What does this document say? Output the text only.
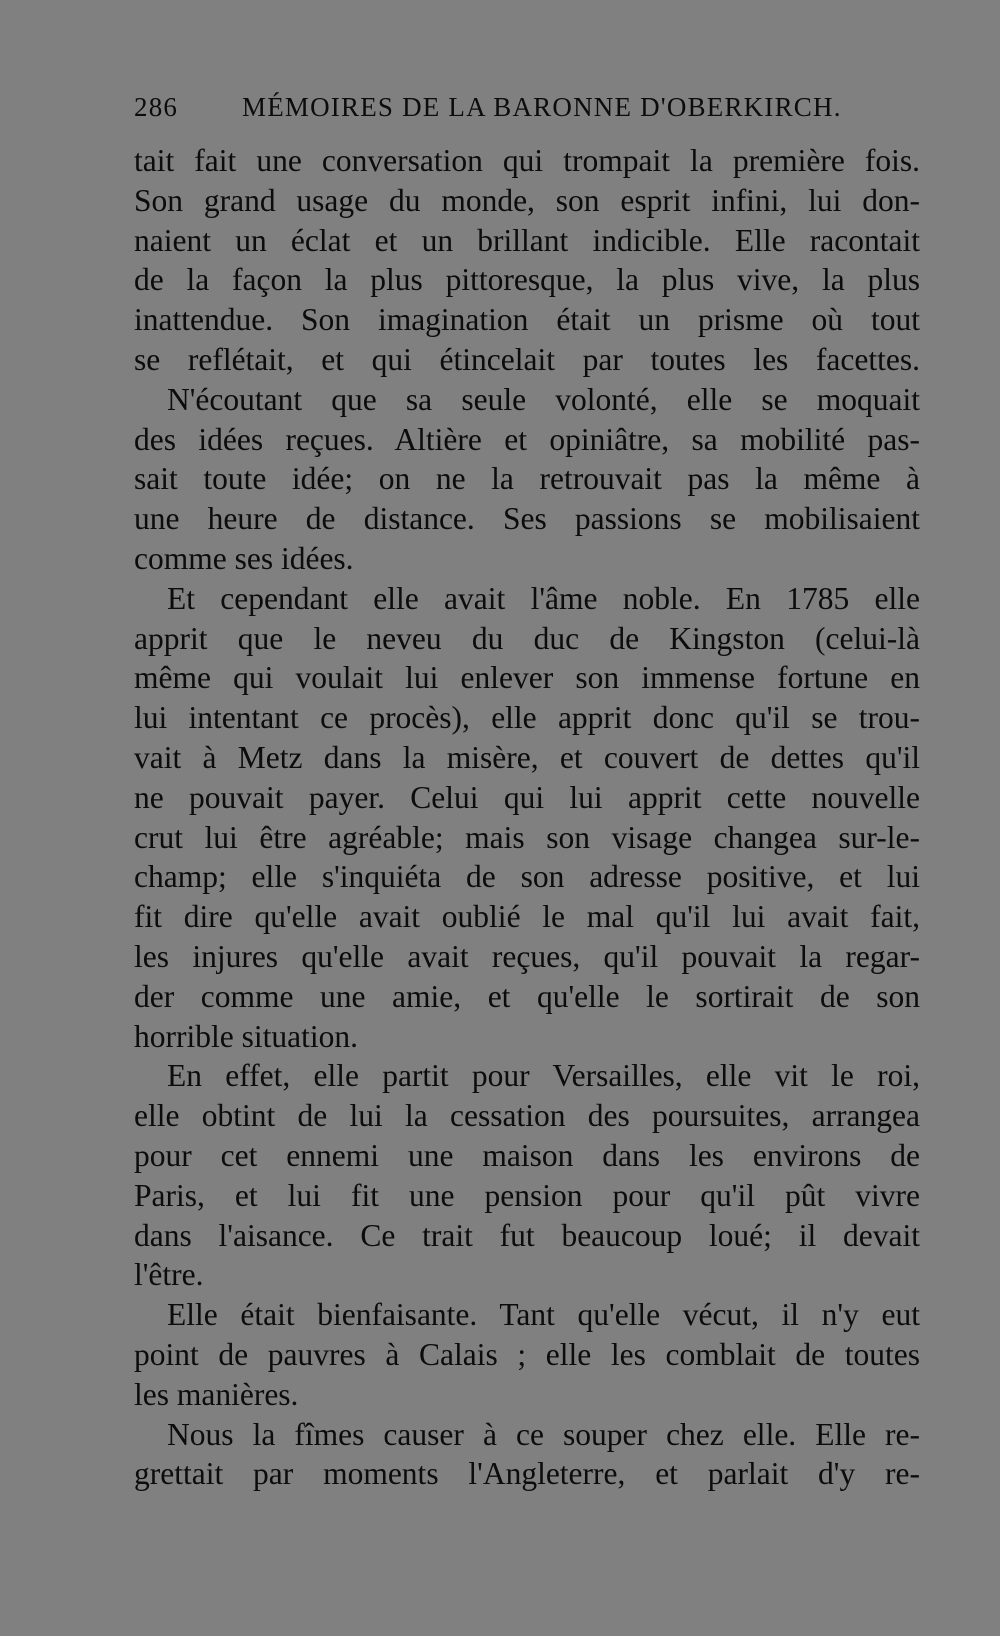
286 MÉMOIRES DE LA BARONNE D'OBERKIRCH.
tait fait une conversation qui trompait la première fois.
Son grand usage du monde, son esprit infini, lui don-
naient un éclat et un brillant indicible. Elle racontait
de la façon la plus pittoresque, la plus vive, la plus
inattendue. Son imagination était un prisme où tout
se reflétait, et qui étincelait par toutes les facettes.
N'écoutant que sa seule volonté, elle se moquait
des idées reçues. Altière et opiniâtre, sa mobilité pas-
sait toute idée; on ne la retrouvait pas la même à
une heure de distance. Ses passions se mobilisaient
comme ses idées.
Et cependant elle avait l'âme noble. En 1785 elle
apprit que le neveu du duc de Kingston (celui-là
même qui voulait lui enlever son immense fortune en
lui intentant ce procès), elle apprit donc qu'il se trou-
vait à Metz dans la misère, et couvert de dettes qu'il
ne pouvait payer. Celui qui lui apprit cette nouvelle
crut lui être agréable; mais son visage changea sur-le-
champ; elle s'inquiéta de son adresse positive, et lui
fit dire qu'elle avait oublié le mal qu'il lui avait fait,
les injures qu'elle avait reçues, qu'il pouvait la regar-
der comme une amie, et qu'elle le sortirait de son
horrible situation.
En effet, elle partit pour Versailles, elle vit le roi,
elle obtint de lui la cessation des poursuites, arrangea
pour cet ennemi une maison dans les environs de
Paris, et lui fit une pension pour qu'il pût vivre
dans l'aisance. Ce trait fut beaucoup loué; il devait
l'être.
Elle était bienfaisante. Tant qu'elle vécut, il n'y eut
point de pauvres à Calais ; elle les comblait de toutes
les manières.
Nous la fîmes causer à ce souper chez elle. Elle re-
grettait par moments l'Angleterre, et parlait d'y re-
